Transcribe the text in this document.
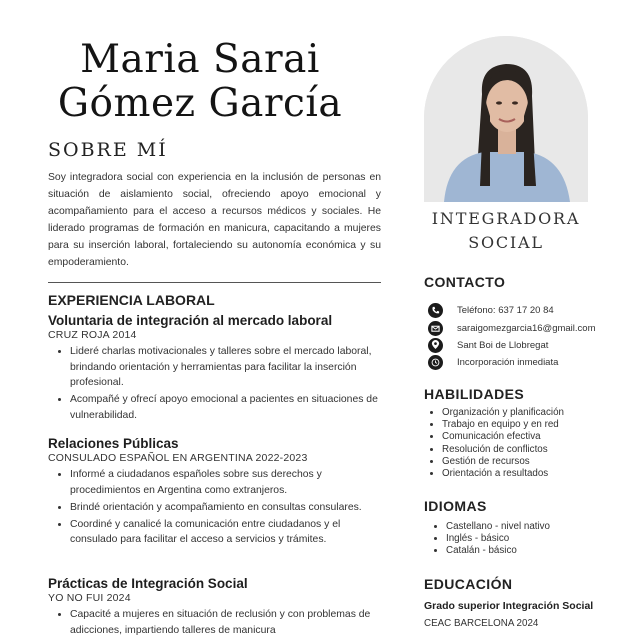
Maria Sarai
Gómez García
SOBRE MÍ
Soy integradora social con experiencia en la inclusión de personas en situación de aislamiento social, ofreciendo apoyo emocional y acompañamiento para el acceso a recursos médicos y sociales. He liderado programas de formación en manicura, capacitando a mujeres para su inserción laboral, fortaleciendo su autonomía económica y su empoderamiento.
EXPERIENCIA LABORAL
Voluntaria de integración al mercado laboral
CRUZ ROJA 2014
• Lideré charlas motivacionales y talleres sobre el mercado laboral, brindando orientación y herramientas para facilitar la inserción profesional.
• Acompañé y ofrecí apoyo emocional a pacientes en situaciones de vulnerabilidad.
Relaciones Públicas
CONSULADO ESPAÑOL EN ARGENTINA 2022-2023
• Informé a ciudadanos españoles sobre sus derechos y procedimientos en Argentina como extranjeros.
• Brindé orientación y acompañamiento en consultas consulares.
• Coordiné y canalicé la comunicación entre ciudadanos y el consulado para facilitar el acceso a servicios y trámites.
Prácticas de Integración Social
YO NO FUI 2024
• Capacité a mujeres en situación de reclusión y con problemas de adicciones, impartiendo talleres de manicura
INTEGRADORA
SOCIAL
CONTACTO
Teléfono: 637 17 20 84
saraigomezgarcia16@gmail.com
Sant Boi de Llobregat
Incorporación inmediata
HABILIDADES
• Organización y planificación
• Trabajo en equipo y en red
• Comunicación efectiva
• Resolución de conflictos
• Gestión de recursos
• Orientación a resultados
IDIOMAS
• Castellano - nivel nativo
• Inglés - básico
• Catalán - básico
EDUCACIÓN
Grado superior Integración Social
CEAC BARCELONA 2024
